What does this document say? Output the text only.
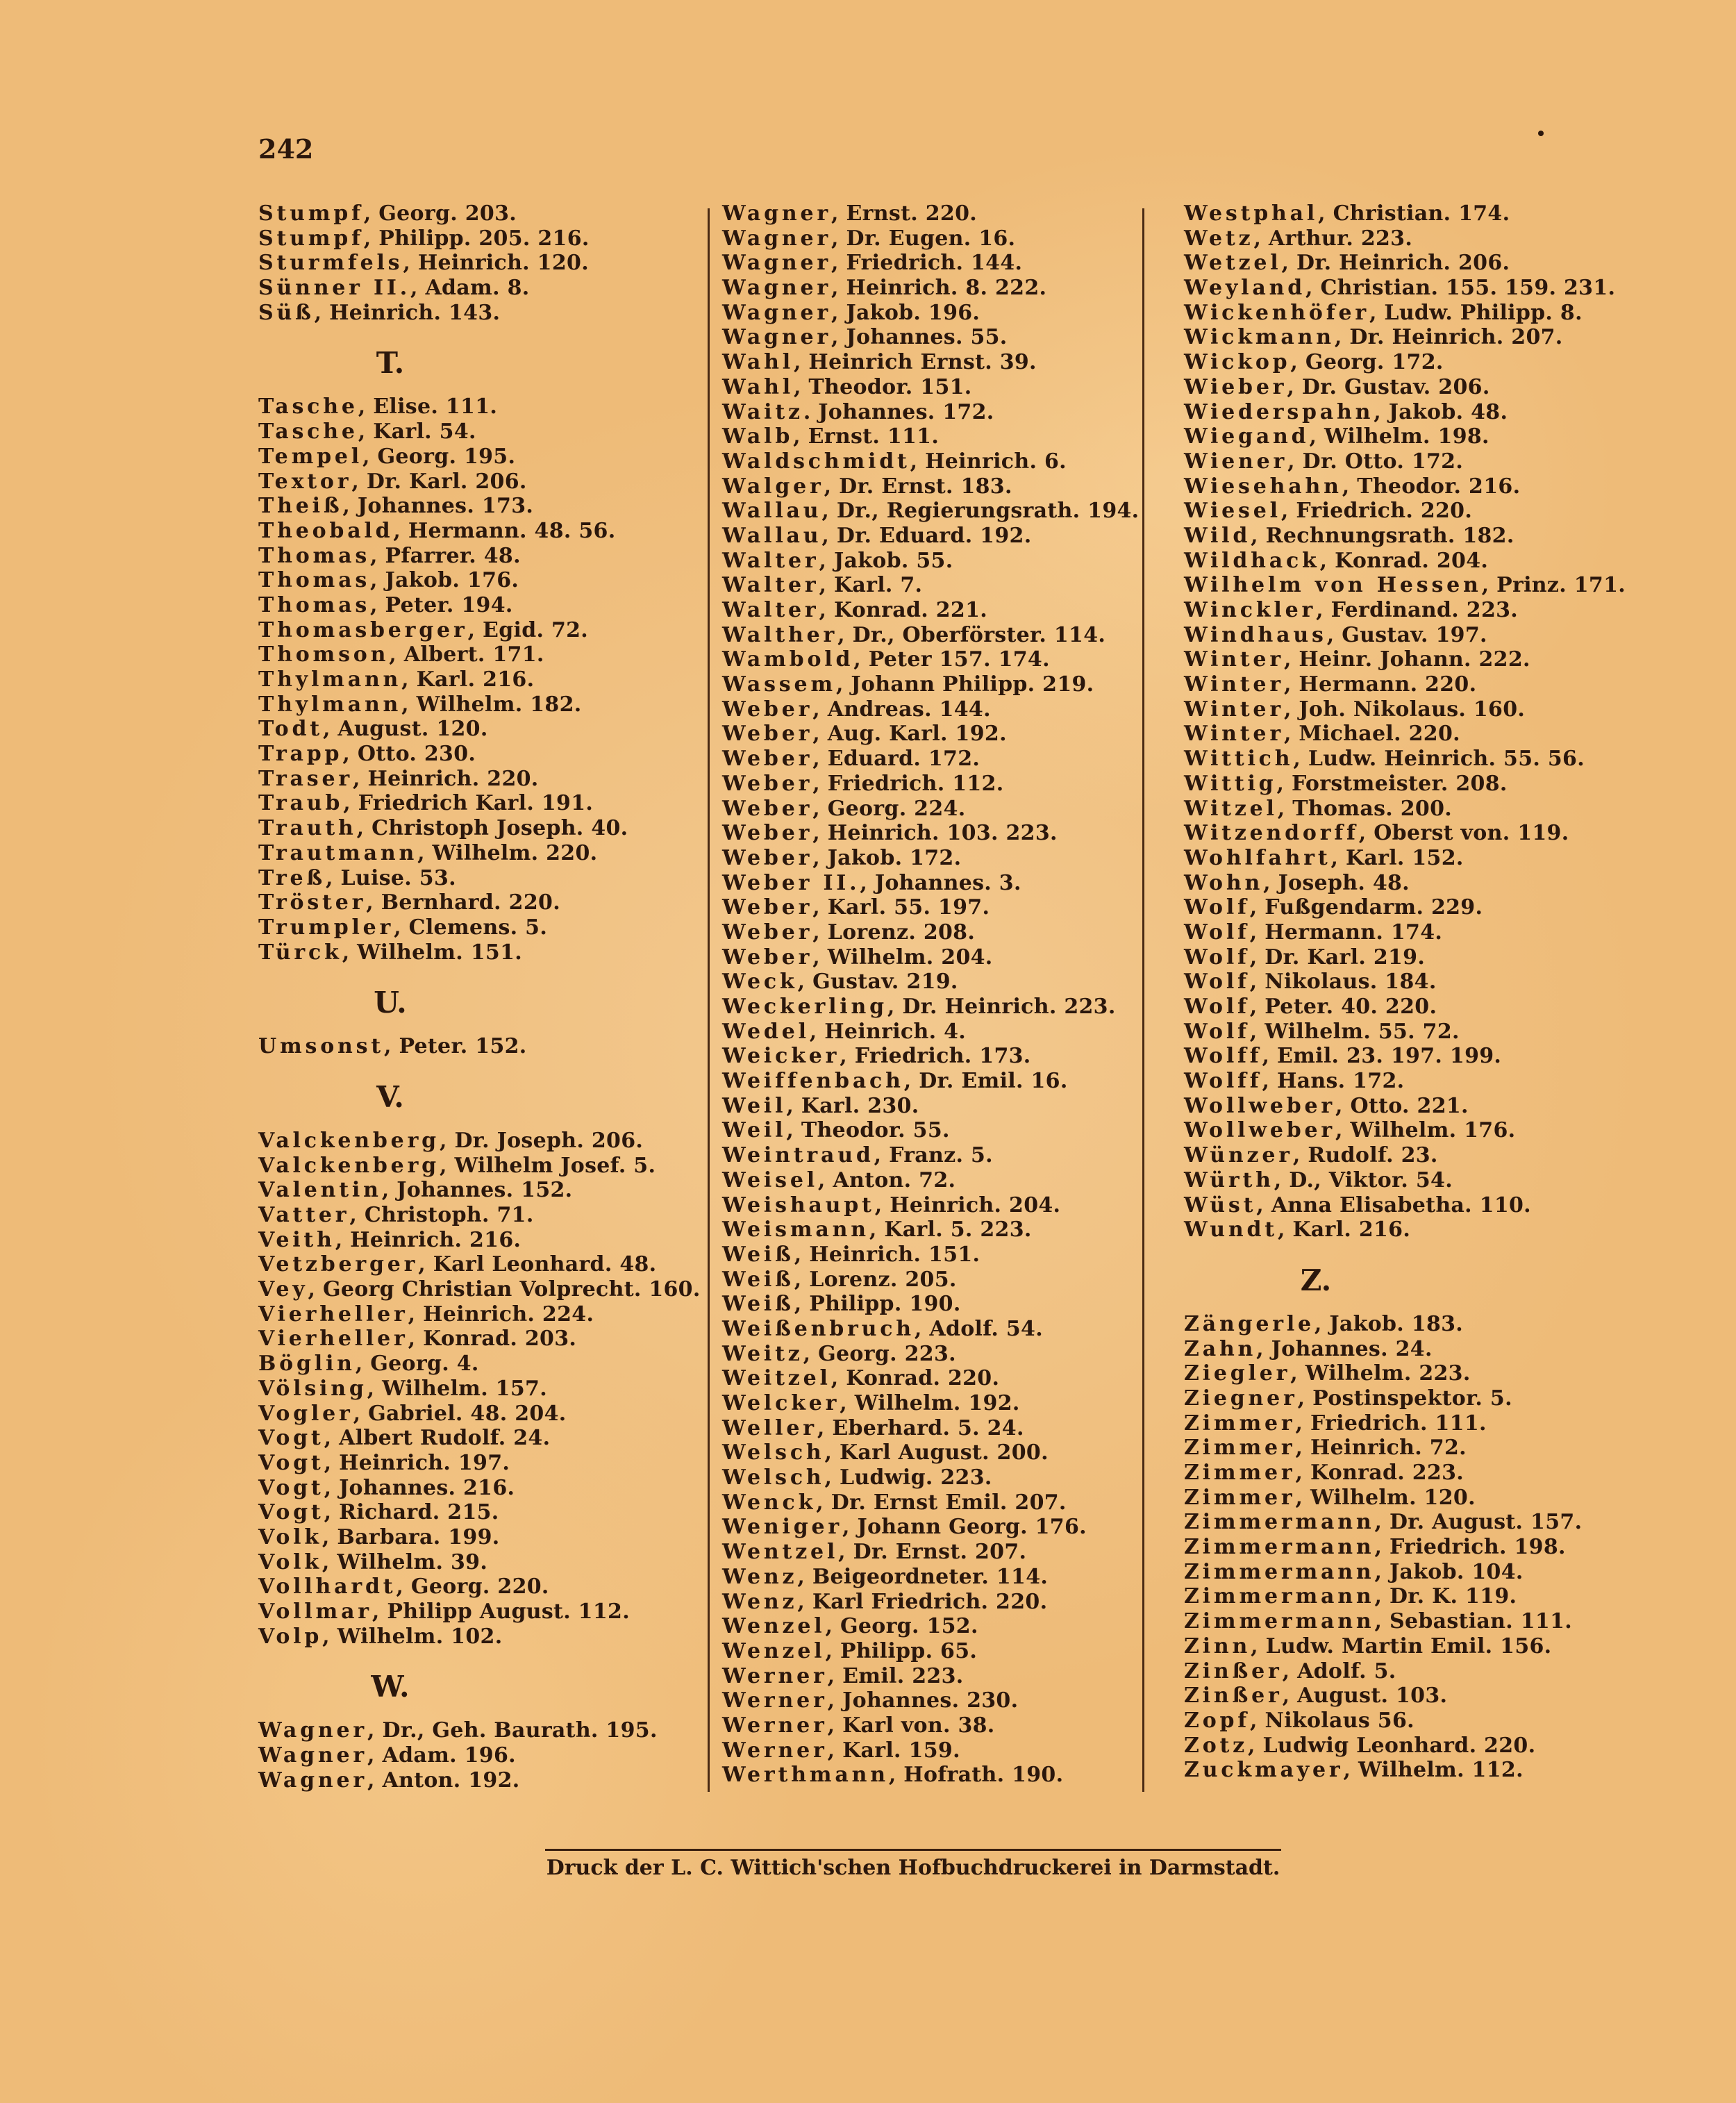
242
Stumpf, Georg. 203.
Stumpf, Philipp. 205. 216.
Sturmfels, Heinrich. 120.
Sünner II., Adam. 8.
Süß, Heinrich. 143.
T.
Tasche, Elise. 111.
Tasche, Karl. 54.
Tempel, Georg. 195.
Textor, Dr. Karl. 206.
Theiß, Johannes. 173.
Theobald, Hermann. 48. 56.
Thomas, Pfarrer. 48.
Thomas, Jakob. 176.
Thomas, Peter. 194.
Thomasberger, Egid. 72.
Thomson, Albert. 171.
Thylmann, Karl. 216.
Thylmann, Wilhelm. 182.
Todt, August. 120.
Trapp, Otto. 230.
Traser, Heinrich. 220.
Traub, Friedrich Karl. 191.
Trauth, Christoph Joseph. 40.
Trautmann, Wilhelm. 220.
Treß, Luise. 53.
Tröster, Bernhard. 220.
Trumpler, Clemens. 5.
Türck, Wilhelm. 151.
U.
Umsonst, Peter. 152.
V.
Valckenberg, Dr. Joseph. 206.
Valckenberg, Wilhelm Josef. 5.
Valentin, Johannes. 152.
Vatter, Christoph. 71.
Veith, Heinrich. 216.
Vetzberger, Karl Leonhard. 48.
Vey, Georg Christian Volprecht. 160.
Vierheller, Heinrich. 224.
Vierheller, Konrad. 203.
Böglin, Georg. 4.
Völsing, Wilhelm. 157.
Vogler, Gabriel. 48. 204.
Vogt, Albert Rudolf. 24.
Vogt, Heinrich. 197.
Vogt, Johannes. 216.
Vogt, Richard. 215.
Volk, Barbara. 199.
Volk, Wilhelm. 39.
Vollhardt, Georg. 220.
Vollmar, Philipp August. 112.
Volp, Wilhelm. 102.
W.
Wagner, Dr., Geh. Baurath. 195.
Wagner, Adam. 196.
Wagner, Anton. 192.
Wagner, Ernst. 220.
Wagner, Dr. Eugen. 16.
Wagner, Friedrich. 144.
Wagner, Heinrich. 8. 222.
Wagner, Jakob. 196.
Wagner, Johannes. 55.
Wahl, Heinrich Ernst. 39.
Wahl, Theodor. 151.
Waitz. Johannes. 172.
Walb, Ernst. 111.
Waldschmidt, Heinrich. 6.
Walger, Dr. Ernst. 183.
Wallau, Dr., Regierungsrath. 194.
Wallau, Dr. Eduard. 192.
Walter, Jakob. 55.
Walter, Karl. 7.
Walter, Konrad. 221.
Walther, Dr., Oberförster. 114.
Wambold, Peter 157. 174.
Wassem, Johann Philipp. 219.
Weber, Andreas. 144.
Weber, Aug. Karl. 192.
Weber, Eduard. 172.
Weber, Friedrich. 112.
Weber, Georg. 224.
Weber, Heinrich. 103. 223.
Weber, Jakob. 172.
Weber II., Johannes. 3.
Weber, Karl. 55. 197.
Weber, Lorenz. 208.
Weber, Wilhelm. 204.
Weck, Gustav. 219.
Weckerling, Dr. Heinrich. 223.
Wedel, Heinrich. 4.
Weicker, Friedrich. 173.
Weiffenbach, Dr. Emil. 16.
Weil, Karl. 230.
Weil, Theodor. 55.
Weintraud, Franz. 5.
Weisel, Anton. 72.
Weishaupt, Heinrich. 204.
Weismann, Karl. 5. 223.
Weiß, Heinrich. 151.
Weiß, Lorenz. 205.
Weiß, Philipp. 190.
Weißenbruch, Adolf. 54.
Weitz, Georg. 223.
Weitzel, Konrad. 220.
Welcker, Wilhelm. 192.
Weller, Eberhard. 5. 24.
Welsch, Karl August. 200.
Welsch, Ludwig. 223.
Wenck, Dr. Ernst Emil. 207.
Weniger, Johann Georg. 176.
Wentzel, Dr. Ernst. 207.
Wenz, Beigeordneter. 114.
Wenz, Karl Friedrich. 220.
Wenzel, Georg. 152.
Wenzel, Philipp. 65.
Werner, Emil. 223.
Werner, Johannes. 230.
Werner, Karl von. 38.
Werner, Karl. 159.
Werthmann, Hofrath. 190.
Westphal, Christian. 174.
Wetz, Arthur. 223.
Wetzel, Dr. Heinrich. 206.
Weyland, Christian. 155. 159. 231.
Wickenhöfer, Ludw. Philipp. 8.
Wickmann, Dr. Heinrich. 207.
Wickop, Georg. 172.
Wieber, Dr. Gustav. 206.
Wiederspahn, Jakob. 48.
Wiegand, Wilhelm. 198.
Wiener, Dr. Otto. 172.
Wiesehahn, Theodor. 216.
Wiesel, Friedrich. 220.
Wild, Rechnungsrath. 182.
Wildhack, Konrad. 204.
Wilhelm von Hessen, Prinz. 171.
Winckler, Ferdinand. 223.
Windhaus, Gustav. 197.
Winter, Heinr. Johann. 222.
Winter, Hermann. 220.
Winter, Joh. Nikolaus. 160.
Winter, Michael. 220.
Wittich, Ludw. Heinrich. 55. 56.
Wittig, Forstmeister. 208.
Witzel, Thomas. 200.
Witzendorff, Oberst von. 119.
Wohlfahrt, Karl. 152.
Wohn, Joseph. 48.
Wolf, Fußgendarm. 229.
Wolf, Hermann. 174.
Wolf, Dr. Karl. 219.
Wolf, Nikolaus. 184.
Wolf, Peter. 40. 220.
Wolf, Wilhelm. 55. 72.
Wolff, Emil. 23. 197. 199.
Wolff, Hans. 172.
Wollweber, Otto. 221.
Wollweber, Wilhelm. 176.
Wünzer, Rudolf. 23.
Würth, D., Viktor. 54.
Wüst, Anna Elisabetha. 110.
Wundt, Karl. 216.
Z.
Zängerle, Jakob. 183.
Zahn, Johannes. 24.
Ziegler, Wilhelm. 223.
Ziegner, Postinspektor. 5.
Zimmer, Friedrich. 111.
Zimmer, Heinrich. 72.
Zimmer, Konrad. 223.
Zimmer, Wilhelm. 120.
Zimmermann, Dr. August. 157.
Zimmermann, Friedrich. 198.
Zimmermann, Jakob. 104.
Zimmermann, Dr. K. 119.
Zimmermann, Sebastian. 111.
Zinn, Ludw. Martin Emil. 156.
Zinßer, Adolf. 5.
Zinßer, August. 103.
Zopf, Nikolaus 56.
Zotz, Ludwig Leonhard. 220.
Zuckmayer, Wilhelm. 112.
Druck der L. C. Wittich'schen Hofbuchdruckerei in Darmstadt.
